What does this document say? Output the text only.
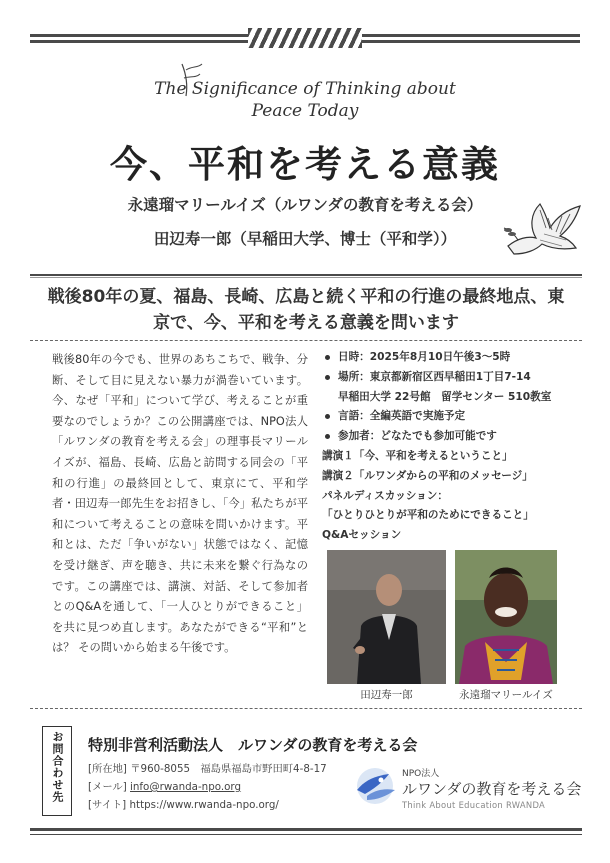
The Significance of Thinking about
Peace Today
今、平和を考える意義
永遠瑠マリールイズ（ルワンダの教育を考える会）
田辺寿一郎（早稲田大学、博士（平和学））
戦後80年の夏、福島、長崎、広島と続く平和の行進の最終地点、東
京で、今、平和を考える意義を問います
戦後80年の今でも、世界のあちこちで、戦争、分断、そして目に見えない暴力が渦巻いています。今、なぜ「平和」について学び、考えることが重要なのでしょうか？この公開講座では、NPO法人「ルワンダの教育を考える会」の理事長マリールイズが、福島、長崎、広島と訪問する同会の「平和の行進」の最終回として、東京にて、平和学者・田辺寿一郎先生をお招きし、「今」私たちが平和について考えることの意味を問いかけます。平和とは、ただ「争いがない」状態ではなく、記憶を受け継ぎ、声を聴き、共に未来を繋ぐ行為なのです。この講座では、講演、対話、そして参加者とのQ&Aを通して、「一人ひとりができること」を共に見つめ直します。あなたができる“平和”とは？ その問いから始まる午後です。
日時：2025年8月10日午後3〜5時
場所：東京都新宿区西早稲田1丁目7-14
早稲田大学 22号館　留学センター 510教室
言語：全編英語で実施予定
参加者：どなたでも参加可能です
講演１「今、平和を考えるということ」
講演２「ルワンダからの平和のメッセージ」
パネルディスカッション：
「ひとりひとりが平和のためにできること」
Q&Aセッション
田辺寿一郎	永遠瑠マリールイズ
お問合わせ先 特別非営利活動法人　ルワンダの教育を考える会
[所在地] 〒960-8055　福島県福島市野田町4-8-17
[メール] info@rwanda-npo.org
[サイト] https://www.rwanda-npo.org/
NPO法人
ルワンダの教育を考える会
Think About Education RWANDA
